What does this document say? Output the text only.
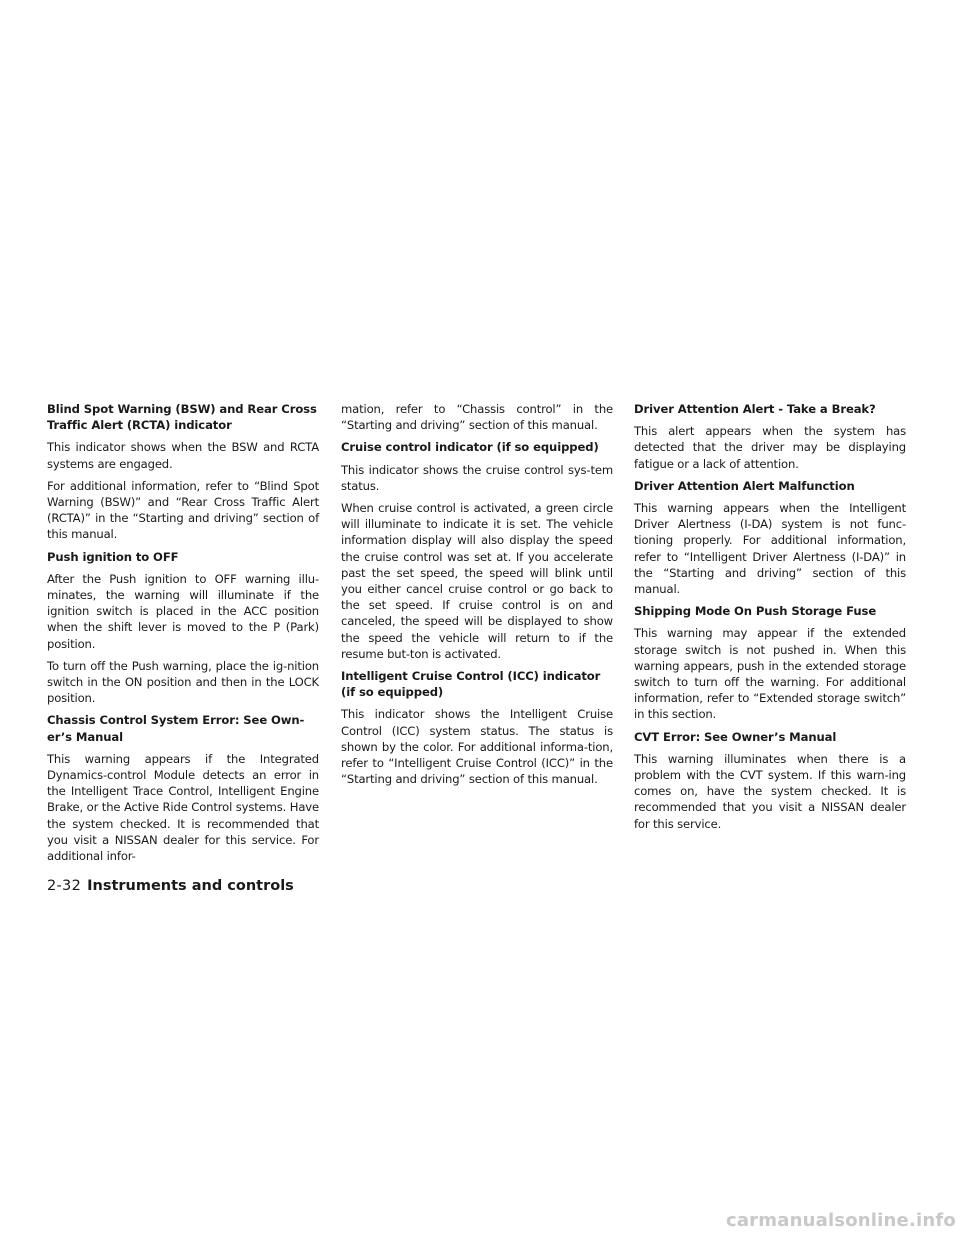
Blind Spot Warning (BSW) and Rear Cross Traffic Alert (RCTA) indicator

This indicator shows when the BSW and RCTA systems are engaged.

For additional information, refer to “Blind Spot Warning (BSW)” and “Rear Cross Traffic Alert (RCTA)” in the “Starting and driving” section of this manual.

Push ignition to OFF

After the Push ignition to OFF warning illu-minates, the warning will illuminate if the ignition switch is placed in the ACC position when the shift lever is moved to the P (Park) position.

To turn off the Push warning, place the ig-nition switch in the ON position and then in the LOCK position.

Chassis Control System Error: See Own-er’s Manual

This warning appears if the Integrated Dynamics-control Module detects an error in the Intelligent Trace Control, Intelligent Engine Brake, or the Active Ride Control systems. Have the system checked. It is recommended that you visit a NISSAN dealer for this service. For additional infor-

mation, refer to “Chassis control” in the “Starting and driving” section of this manual.

Cruise control indicator (if so equipped)

This indicator shows the cruise control sys-tem status.

When cruise control is activated, a green circle will illuminate to indicate it is set. The vehicle information display will also display the speed the cruise control was set at. If you accelerate past the set speed, the speed will blink until you either cancel cruise control or go back to the set speed. If cruise control is on and canceled, the speed will be displayed to show the speed the vehicle will return to if the resume but-ton is activated.

Intelligent Cruise Control (ICC) indicator (if so equipped)

This indicator shows the Intelligent Cruise Control (ICC) system status. The status is shown by the color. For additional informa-tion, refer to “Intelligent Cruise Control (ICC)” in the “Starting and driving” section of this manual.

Driver Attention Alert - Take a Break?

This alert appears when the system has detected that the driver may be displaying fatigue or a lack of attention.

Driver Attention Alert Malfunction

This warning appears when the Intelligent Driver Alertness (I-DA) system is not func-tioning properly. For additional information, refer to “Intelligent Driver Alertness (I-DA)” in the “Starting and driving” section of this manual.

Shipping Mode On Push Storage Fuse

This warning may appear if the extended storage switch is not pushed in. When this warning appears, push in the extended storage switch to turn off the warning. For additional information, refer to “Extended storage switch” in this section.

CVT Error: See Owner’s Manual

This warning illuminates when there is a problem with the CVT system. If this warn-ing comes on, have the system checked. It is recommended that you visit a NISSAN dealer for this service.

2-32 Instruments and controls
carmanualsonline.info
